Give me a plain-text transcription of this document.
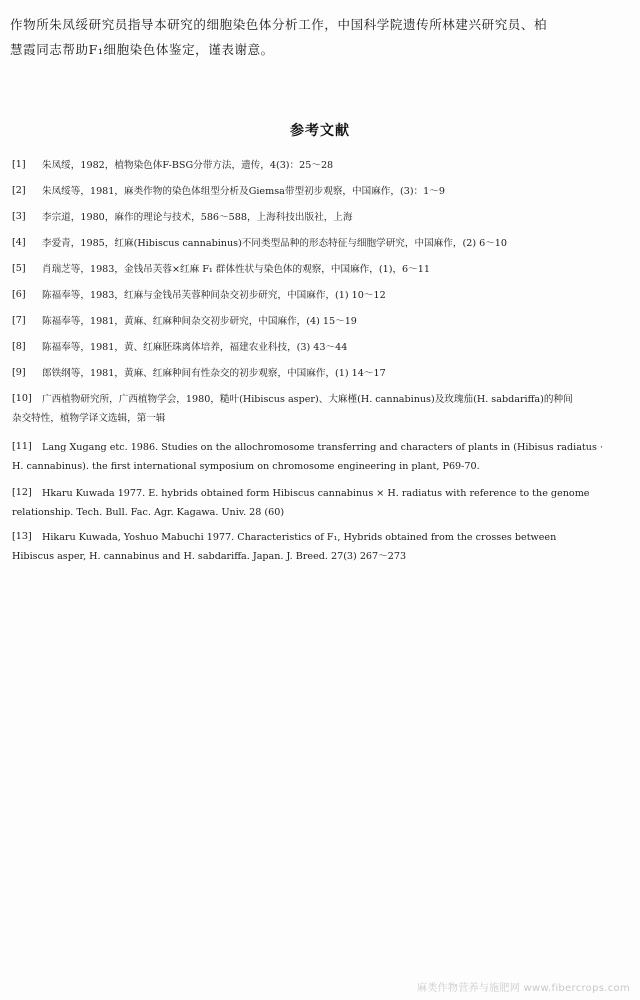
作物所朱凤绥研究员指导本研究的细胞染色体分析工作，中国科学院遗传所林建兴研究员、柏
慧霞同志帮助F₁细胞染色体鉴定，谨表谢意。
参考文献
[1]	朱凤绥，1982，植物染色体F-BSG分带方法，遗传，4(3)：25～28
[2]	朱凤绥等，1981，麻类作物的染色体组型分析及Giemsa带型初步观察，中国麻作，(3)：1～9
[3]	李宗道，1980，麻作的理论与技术，586～588，上海科技出版社，上海
[4]	李爱青，1985，红麻(Hibiscus cannabinus)不同类型品种的形态特征与细胞学研究，中国麻作，(2) 6～10
[5]	肖瑞芝等，1983，金钱吊芙蓉×红麻 F₁ 群体性状与染色体的观察，中国麻作，(1)，6～11
[6]	陈福奉等，1983，红麻与金钱吊芙蓉种间杂交初步研究，中国麻作，(1) 10～12
[7]	陈福奉等，1981，黄麻、红麻种间杂交初步研究，中国麻作，(4) 15～19
[8]	陈福奉等，1981，黄、红麻胚珠离体培养，福建农业科技，(3) 43～44
[9]	郎铁纲等，1981，黄麻、红麻种间有性杂交的初步观察，中国麻作，(1) 14～17
[10]	广西植物研究所，广西植物学会，1980，糙叶(Hibiscus asper)、大麻槿(H. cannabinus)及玫瑰茄(H. sabdariffa)的种间
杂交特性，植物学译文选辑，第一辑
[11]	Lang Xugang etc. 1986. Studies on the allochromosome transferring and characters of plants in (Hibisus radiatus ·
H. cannabinus). the first international symposium on chromosome engineering in plant, P69-70.
[12]	Hkaru Kuwada 1977. E. hybrids obtained form Hibiscus cannabinus × H. radiatus with reference to the genome
relationship. Tech. Bull. Fac. Agr. Kagawa. Univ. 28 (60)
[13]	Hikaru Kuwada, Yoshuo Mabuchi 1977. Characteristics of F₁, Hybrids obtained from the crosses between
Hibiscus asper, H. cannabinus and H. sabdariffa. Japan. J. Breed. 27(3) 267～273
麻类作物营养与施肥网 www.fibercrops.com
